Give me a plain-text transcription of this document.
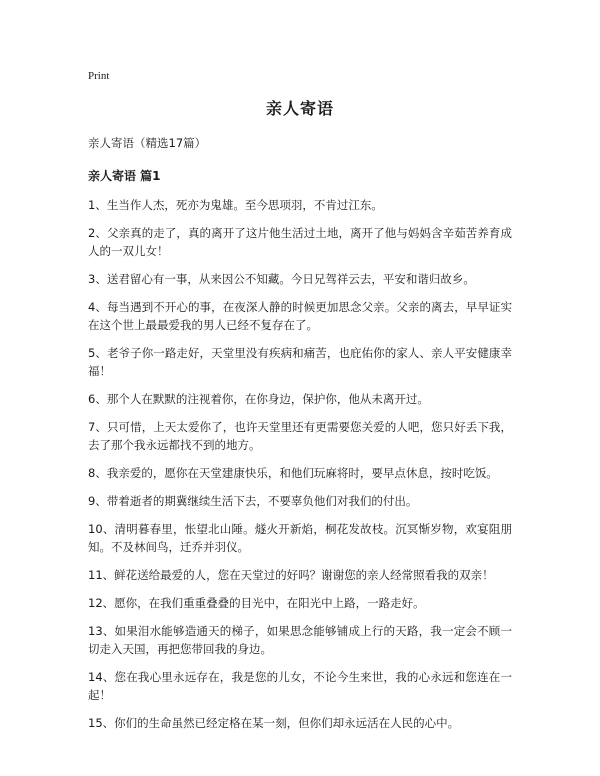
Print
亲人寄语
亲人寄语（精选17篇）
亲人寄语 篇1

1、生当作人杰，死亦为鬼雄。至今思项羽，不肯过江东。

2、父亲真的走了，真的离开了这片他生活过土地，离开了他与妈妈含辛茹苦养育成人的一双儿女！

3、送君留心有一事，从来因公不知藏。今日兄驾祥云去，平安和谐归故乡。

4、每当遇到不开心的事，在夜深人静的时候更加思念父亲。父亲的离去，早早证实在这个世上最最爱我的男人已经不复存在了。

5、老爷子你一路走好，天堂里没有疾病和痛苦，也庇佑你的家人、亲人平安健康幸福！

6、那个人在默默的注视着你，在你身边，保护你，他从未离开过。

7、只可惜，上天太爱你了，也许天堂里还有更需要您关爱的人吧，您只好丢下我，去了那个我永远都找不到的地方。

8、我亲爱的，愿你在天堂建康快乐，和他们玩麻将时，要早点休息，按时吃饭。

9、带着逝者的期冀继续生活下去，不要辜负他们对我们的付出。

10、清明暮春里，怅望北山陲。燧火开新焰，桐花发故枝。沉冥惭岁物，欢宴阻朋知。不及林间鸟，迁乔并羽仪。

11、鲜花送给最爱的人，您在天堂过的好吗？谢谢您的亲人经常照看我的双亲！

12、愿你，在我们重重叠叠的目光中，在阳光中上路，一路走好。

13、如果泪水能够造通天的梯子，如果思念能够铺成上行的天路，我一定会不顾一切走入天国，再把您带回我的身边。

14、您在我心里永远存在，我是您的儿女，不论今生来世，我的心永远和您连在一起！

15、你们的生命虽然已经定格在某一刻，但你们却永远活在人民的心中。
